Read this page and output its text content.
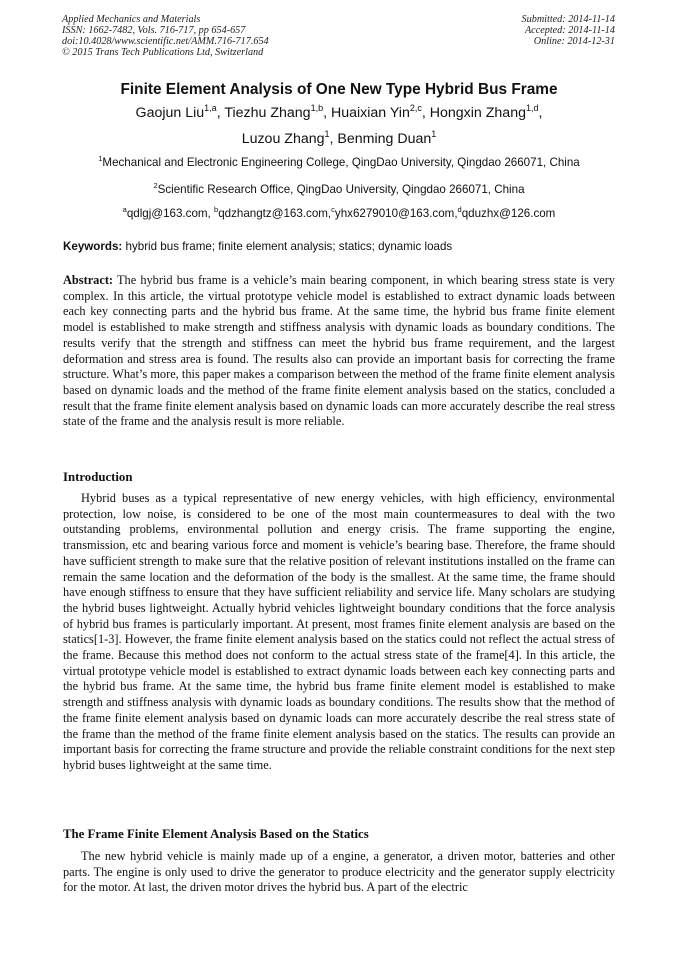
Applied Mechanics and Materials
ISSN: 1662-7482, Vols. 716-717, pp 654-657
doi:10.4028/www.scientific.net/AMM.716-717.654
© 2015 Trans Tech Publications Ltd, Switzerland
Submitted: 2014-11-14
Accepted: 2014-11-14
Online: 2014-12-31
Finite Element Analysis of One New Type Hybrid Bus Frame
Gaojun Liu$^{1,a}$, Tiezhu Zhang$^{1,b}$, Huaixian Yin$^{2,c}$, Hongxin Zhang$^{1,d}$,
Luzou Zhang$^1$, Benming Duan$^1$
$^1$Mechanical and Electronic Engineering College, QingDao University, Qingdao 266071, China
$^2$Scientific Research Office, QingDao University, Qingdao 266071, China
$^a$qdlgj@163.com, $^b$qdzhangtz@163.com,$^c$yhx6279010@163.com,$^d$qduzhx@126.com
Keywords: hybrid bus frame; finite element analysis; statics; dynamic loads
Abstract: The hybrid bus frame is a vehicle’s main bearing component, in which bearing stress state is very complex. In this article, the virtual prototype vehicle model is established to extract dynamic loads between each key connecting parts and the hybrid bus frame. At the same time, the hybrid bus frame finite element model is established to make strength and stiffness analysis with dynamic loads as boundary conditions. The results verify that the strength and stiffness can meet the hybrid bus frame requirement, and the largest deformation and stress area is found. The results also can provide an important basis for correcting the frame structure. What’s more, this paper makes a comparison between the method of the frame finite element analysis based on dynamic loads and the method of the frame finite element analysis based on the statics, concluded a result that the frame finite element analysis based on dynamic loads can more accurately describe the real stress state of the frame and the analysis result is more reliable.
Introduction
Hybrid buses as a typical representative of new energy vehicles, with high efficiency, environmental protection, low noise, is considered to be one of the most main countermeasures to deal with the two outstanding problems, environmental pollution and energy crisis. The frame supporting the engine, transmission, etc and bearing various force and moment is vehicle’s bearing base. Therefore, the frame should have sufficient strength to make sure that the relative position of relevant institutions installed on the frame can remain the same location and the deformation of the body is the smallest. At the same time, the frame should have enough stiffness to ensure that they have sufficient reliability and service life. Many scholars are studying the hybrid buses lightweight. Actually hybrid vehicles lightweight boundary conditions that the force analysis of hybrid bus frames is particularly important. At present, most frames finite element analysis are based on the statics[1-3]. However, the frame finite element analysis based on the statics could not reflect the actual stress of the frame. Because this method does not conform to the actual stress state of the frame[4]. In this article, the virtual prototype vehicle model is established to extract dynamic loads between each key connecting parts and the hybrid bus frame. At the same time, the hybrid bus frame finite element model is established to make strength and stiffness analysis with dynamic loads as boundary conditions. The results show that the method of the frame finite element analysis based on dynamic loads can more accurately describe the real stress state of the frame than the method of the frame finite element analysis based on the statics. The results can provide an important basis for correcting the frame structure and provide the reliable constraint conditions for the next step hybrid buses lightweight at the same time.
The Frame Finite Element Analysis Based on the Statics
The new hybrid vehicle is mainly made up of a engine, a generator, a driven motor, batteries and other parts. The engine is only used to drive the generator to produce electricity and the generator supply electricity for the motor. At last, the driven motor drives the hybrid bus. A part of the electric
